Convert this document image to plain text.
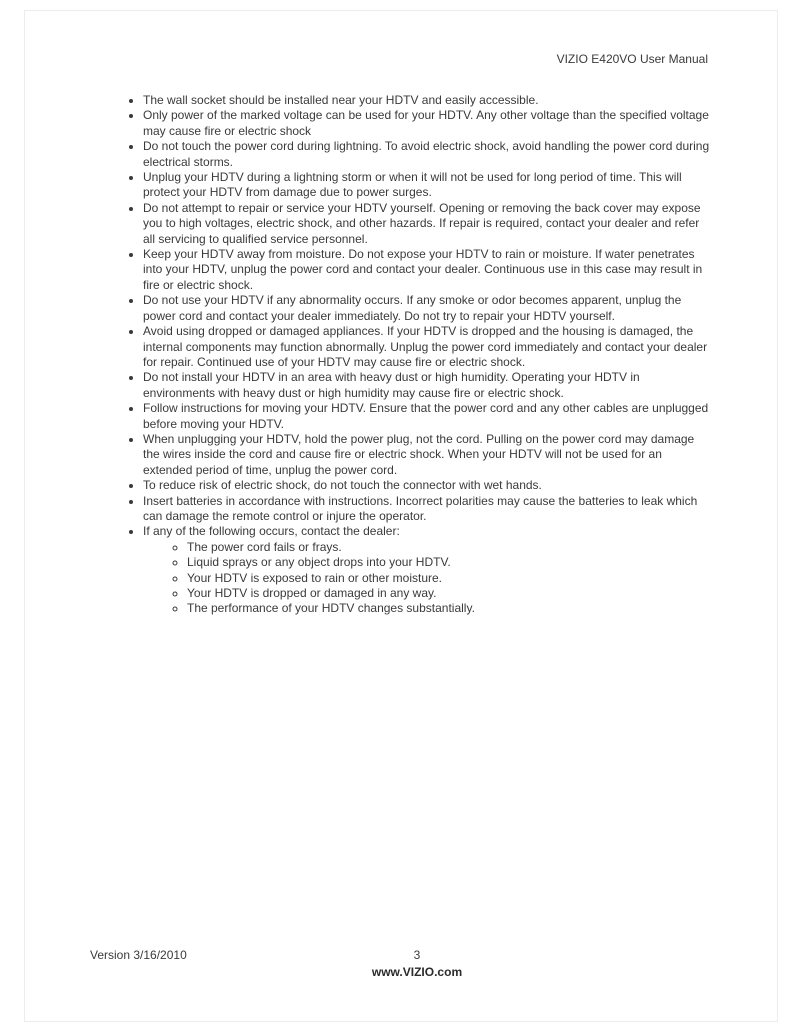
VIZIO E420VO User Manual
• The wall socket should be installed near your HDTV and easily accessible.
• Only power of the marked voltage can be used for your HDTV. Any other voltage than the specified voltage may cause fire or electric shock
• Do not touch the power cord during lightning. To avoid electric shock, avoid handling the power cord during electrical storms.
• Unplug your HDTV during a lightning storm or when it will not be used for long period of time. This will protect your HDTV from damage due to power surges.
• Do not attempt to repair or service your HDTV yourself. Opening or removing the back cover may expose you to high voltages, electric shock, and other hazards. If repair is required, contact your dealer and refer all servicing to qualified service personnel.
• Keep your HDTV away from moisture. Do not expose your HDTV to rain or moisture. If water penetrates into your HDTV, unplug the power cord and contact your dealer. Continuous use in this case may result in fire or electric shock.
• Do not use your HDTV if any abnormality occurs. If any smoke or odor becomes apparent, unplug the power cord and contact your dealer immediately. Do not try to repair your HDTV yourself.
• Avoid using dropped or damaged appliances. If your HDTV is dropped and the housing is damaged, the internal components may function abnormally. Unplug the power cord immediately and contact your dealer for repair. Continued use of your HDTV may cause fire or electric shock.
• Do not install your HDTV in an area with heavy dust or high humidity. Operating your HDTV in environments with heavy dust or high humidity may cause fire or electric shock.
• Follow instructions for moving your HDTV. Ensure that the power cord and any other cables are unplugged before moving your HDTV.
• When unplugging your HDTV, hold the power plug, not the cord. Pulling on the power cord may damage the wires inside the cord and cause fire or electric shock. When your HDTV will not be used for an extended period of time, unplug the power cord.
• To reduce risk of electric shock, do not touch the connector with wet hands.
• Insert batteries in accordance with instructions. Incorrect polarities may cause the batteries to leak which can damage the remote control or injure the operator.
• If any of the following occurs, contact the dealer:
◦ The power cord fails or frays.
◦ Liquid sprays or any object drops into your HDTV.
◦ Your HDTV is exposed to rain or other moisture.
◦ Your HDTV is dropped or damaged in any way.
◦ The performance of your HDTV changes substantially.
Version 3/16/2010	3
www.VIZIO.com
